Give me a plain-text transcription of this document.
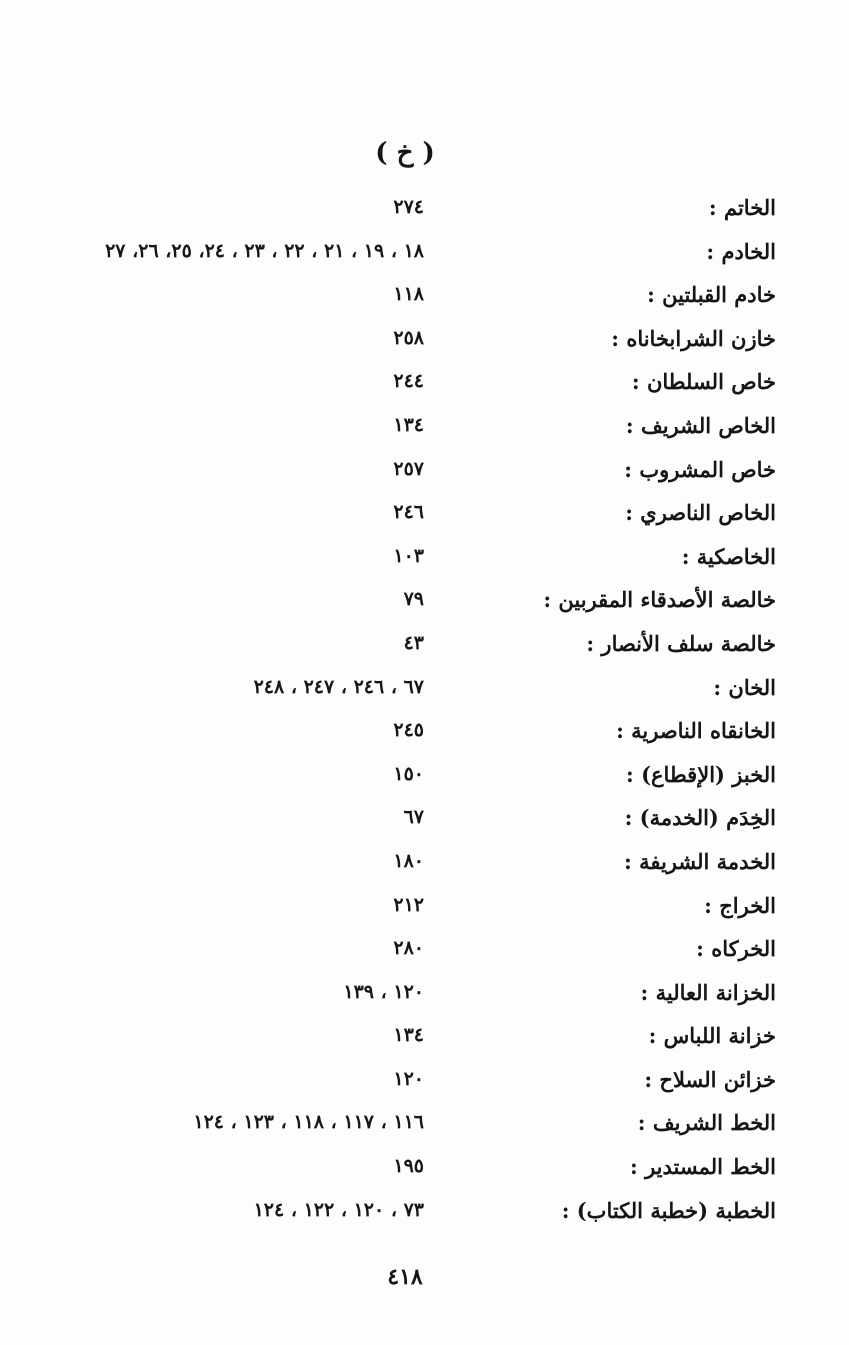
( خ )
الخاتم :
٢٧٤
الخادم :
١٨ ، ١٩ ، ٢١ ، ٢٢ ، ٢٣ ، ٢٤، ٢٥، ٢٦، ٢٧
خادم القبلتين :
١١٨
خازن الشرابخاناه :
٢٥٨
خاص السلطان :
٢٤٤
الخاص الشريف :
١٣٤
خاص المشروب :
٢٥٧
الخاص الناصري :
٢٤٦
الخاصكية :
١٠٣
خالصة الأصدقاء المقربين :
٧٩
خالصة سلف الأنصار :
٤٣
الخان :
٦٧ ، ٢٤٦ ، ٢٤٧ ، ٢٤٨
الخانقاه الناصرية :
٢٤٥
الخبز (الإقطاع) :
١٥٠
الخِدَم (الخدمة) :
٦٧
الخدمة الشريفة :
١٨٠
الخراج :
٢١٢
الخركاه :
٢٨٠
الخزانة العالية :
١٢٠ ، ١٣٩
خزانة اللباس :
١٣٤
خزائن السلاح :
١٢٠
الخط الشريف :
١١٦ ، ١١٧ ، ١١٨ ، ١٢٣ ، ١٢٤
الخط المستدير :
١٩٥
الخطبة (خطبة الكتاب) :
٧٣ ، ١٢٠ ، ١٢٢ ، ١٢٤
٤١٨
